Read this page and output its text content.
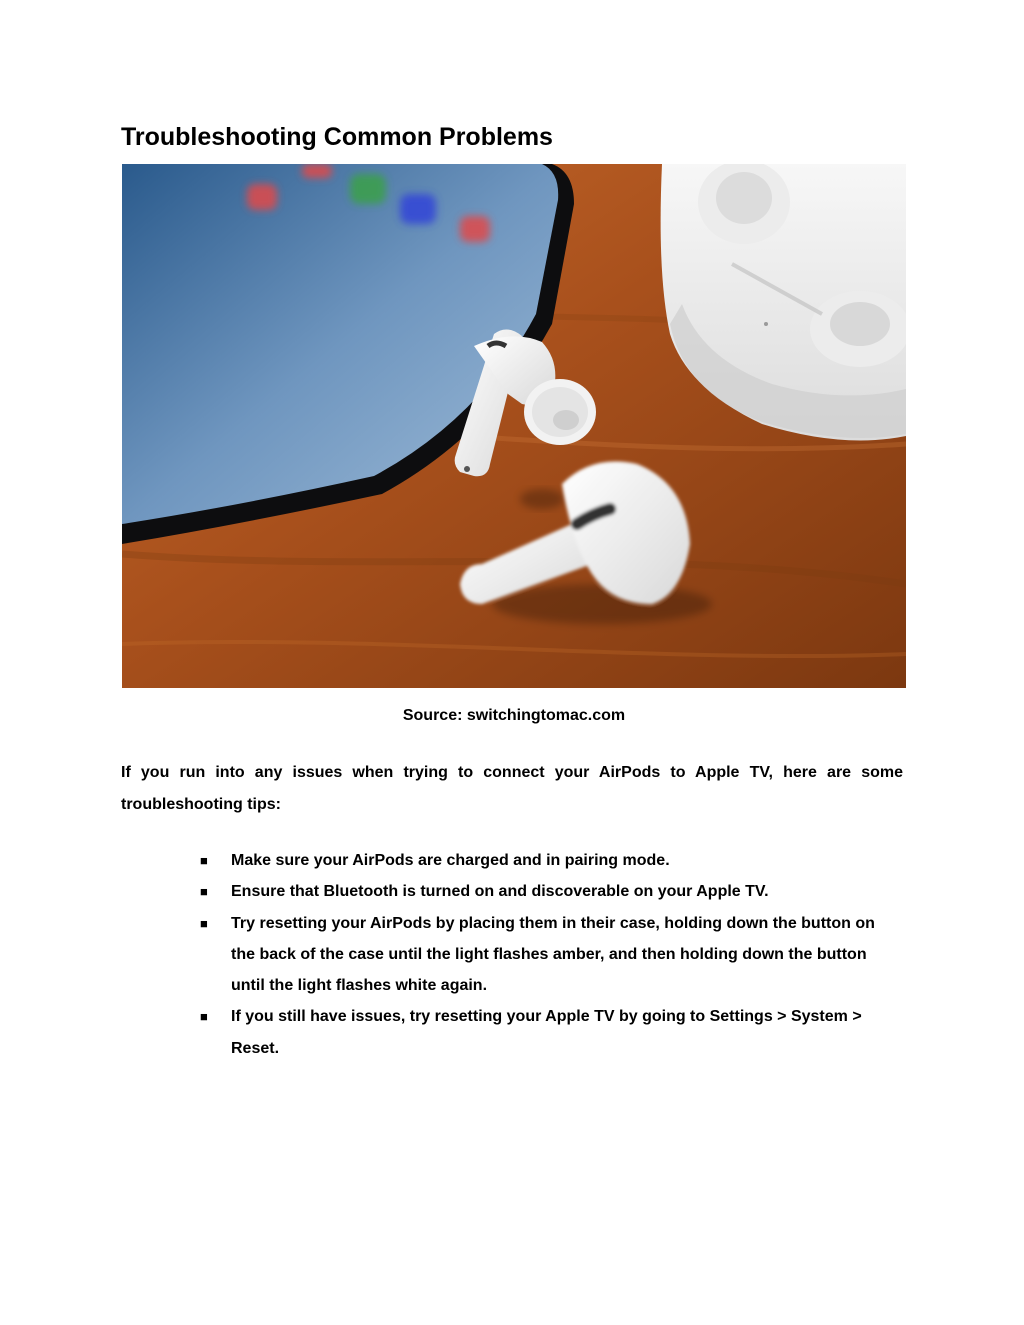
Troubleshooting Common Problems
Source: switchingtomac.com

If you run into any issues when trying to connect your AirPods to Apple TV, here are some troubleshooting tips:

■	Make sure your AirPods are charged and in pairing mode.
■	Ensure that Bluetooth is turned on and discoverable on your Apple TV.
■	Try resetting your AirPods by placing them in their case, holding down the button on the back of the case until the light flashes amber, and then holding down the button until the light flashes white again.
■	If you still have issues, try resetting your Apple TV by going to Settings > System > Reset.
